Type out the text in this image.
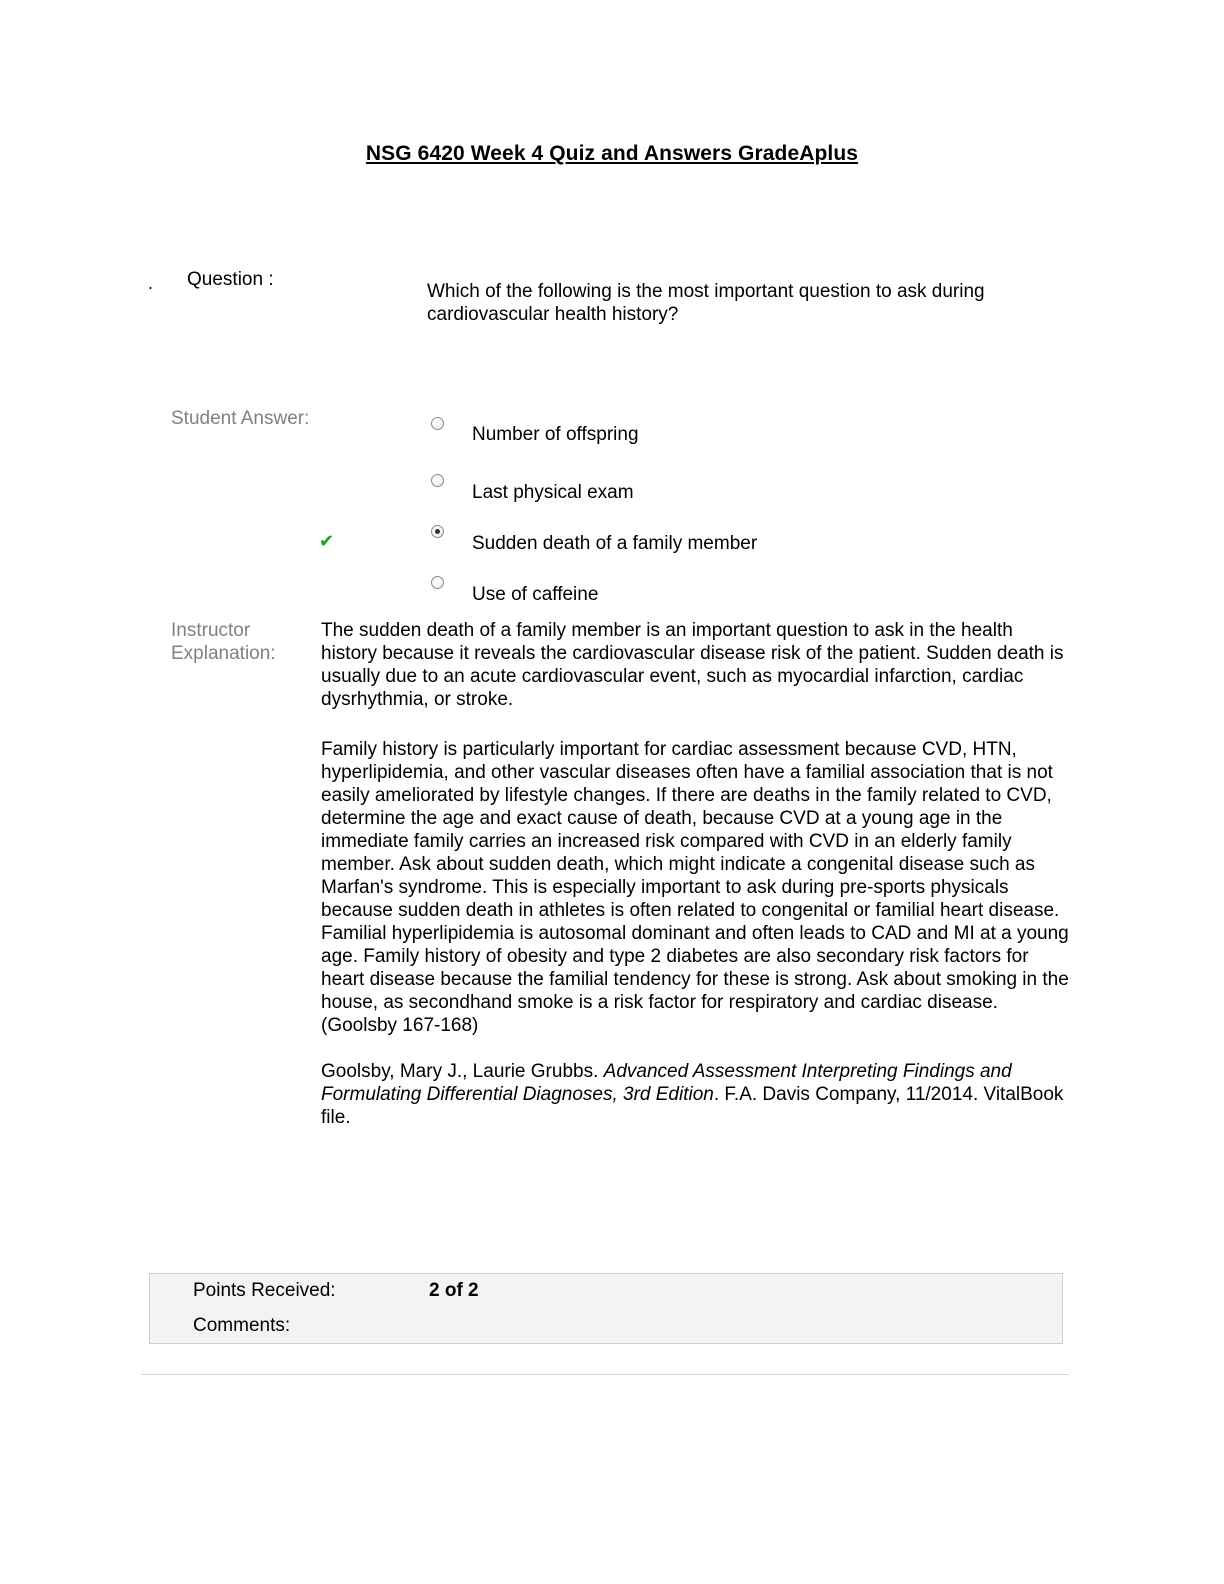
NSG 6420 Week 4 Quiz and Answers GradeAplus
. Question :
Which of the following is the most important question to ask during cardiovascular health history?
Student Answer:
Number of offspring
Last physical exam
✔	Sudden death of a family member
Use of caffeine
Instructor Explanation:
The sudden death of a family member is an important question to ask in the health history because it reveals the cardiovascular disease risk of the patient. Sudden death is usually due to an acute cardiovascular event, such as myocardial infarction, cardiac dysrhythmia, or stroke.
Family history is particularly important for cardiac assessment because CVD, HTN, hyperlipidemia, and other vascular diseases often have a familial association that is not easily ameliorated by lifestyle changes. If there are deaths in the family related to CVD, determine the age and exact cause of death, because CVD at a young age in the immediate family carries an increased risk compared with CVD in an elderly family member. Ask about sudden death, which might indicate a congenital disease such as Marfan's syndrome. This is especially important to ask during pre-sports physicals because sudden death in athletes is often related to congenital or familial heart disease. Familial hyperlipidemia is autosomal dominant and often leads to CAD and MI at a young age. Family history of obesity and type 2 diabetes are also secondary risk factors for heart disease because the familial tendency for these is strong. Ask about smoking in the house, as secondhand smoke is a risk factor for respiratory and cardiac disease. (Goolsby 167-168)
Goolsby, Mary J., Laurie Grubbs. Advanced Assessment Interpreting Findings and Formulating Differential Diagnoses, 3rd Edition. F.A. Davis Company, 11/2014. VitalBook file.
Points Received:	2 of 2
Comments:
